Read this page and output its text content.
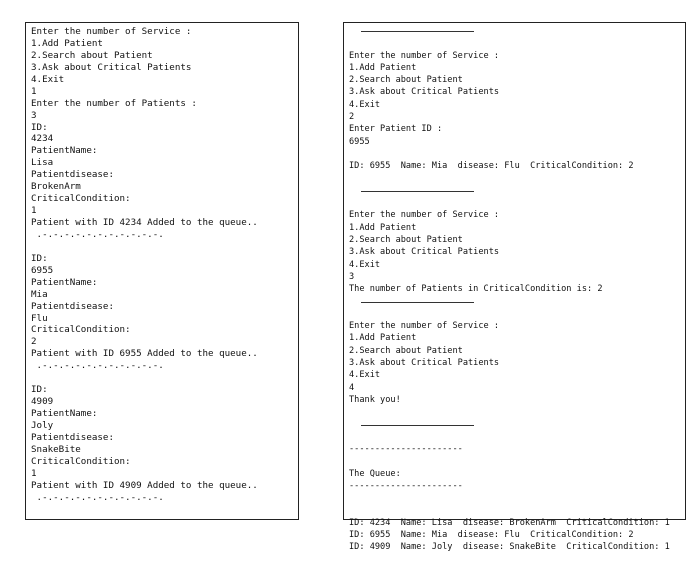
Enter the number of Service :
1.Add Patient
2.Search about Patient
3.Ask about Critical Patients
4.Exit
1
Enter the number of Patients :
3
ID:
4234
PatientName:
Lisa
Patientdisease:
BrokenArm
CriticalCondition:
1
Patient with ID 4234 Added to the queue..
.-.-.-.-.-.-.-.-.-.-.-.
ID:
6955
PatientName:
Mia
Patientdisease:
Flu
CriticalCondition:
2
Patient with ID 6955 Added to the queue..
.-.-.-.-.-.-.-.-.-.-.-.
ID:
4909
PatientName:
Joly
Patientdisease:
SnakeBite
CriticalCondition:
1
Patient with ID 4909 Added to the queue..
.-.-.-.-.-.-.-.-.-.-.-.
Enter the number of Service :
1.Add Patient
2.Search about Patient
3.Ask about Critical Patients
4.Exit
2
Enter Patient ID :
6955
ID: 6955  Name: Mia  disease: Flu  CriticalCondition: 2
Enter the number of Service :
1.Add Patient
2.Search about Patient
3.Ask about Critical Patients
4.Exit
3
The number of Patients in CriticalCondition is: 2
Enter the number of Service :
1.Add Patient
2.Search about Patient
3.Ask about Critical Patients
4.Exit
4
Thank you!
----------------------
The Queue:
----------------------
ID: 4234  Name: Lisa  disease: BrokenArm  CriticalCondition: 1
ID: 6955  Name: Mia  disease: Flu  CriticalCondition: 2
ID: 4909  Name: Joly  disease: SnakeBite  CriticalCondition: 1
